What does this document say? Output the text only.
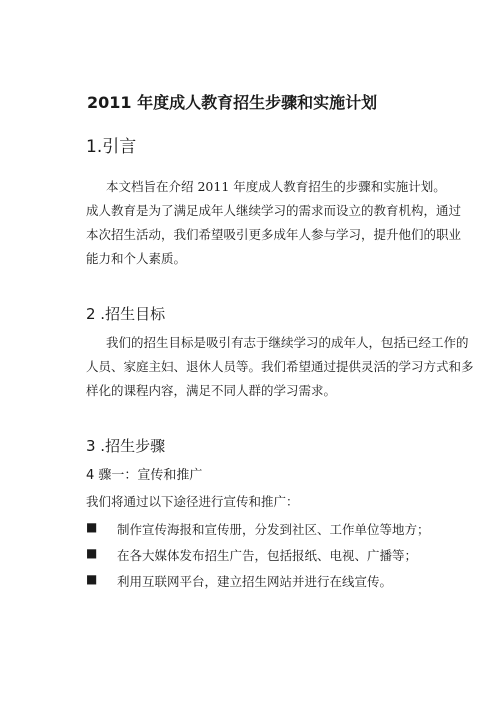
2011 年度成人教育招生步骤和实施计划
1.引言
本文档旨在介绍 2011 年度成人教育招生的步骤和实施计划。
成人教育是为了满足成年人继续学习的需求而设立的教育机构，通过
本次招生活动，我们希望吸引更多成年人参与学习，提升他们的职业
能力和个人素质。
2 .招生目标
我们的招生目标是吸引有志于继续学习的成年人，包括已经工作的
人员、家庭主妇、退休人员等。我们希望通过提供灵活的学习方式和多
样化的课程内容，满足不同人群的学习需求。
3 .招生步骤
4 骤一：宣传和推广
我们将通过以下途径进行宣传和推广：
■ 制作宣传海报和宣传册，分发到社区、工作单位等地方；
■ 在各大媒体发布招生广告，包括报纸、电视、广播等；
■ 利用互联网平台，建立招生网站并进行在线宣传。
